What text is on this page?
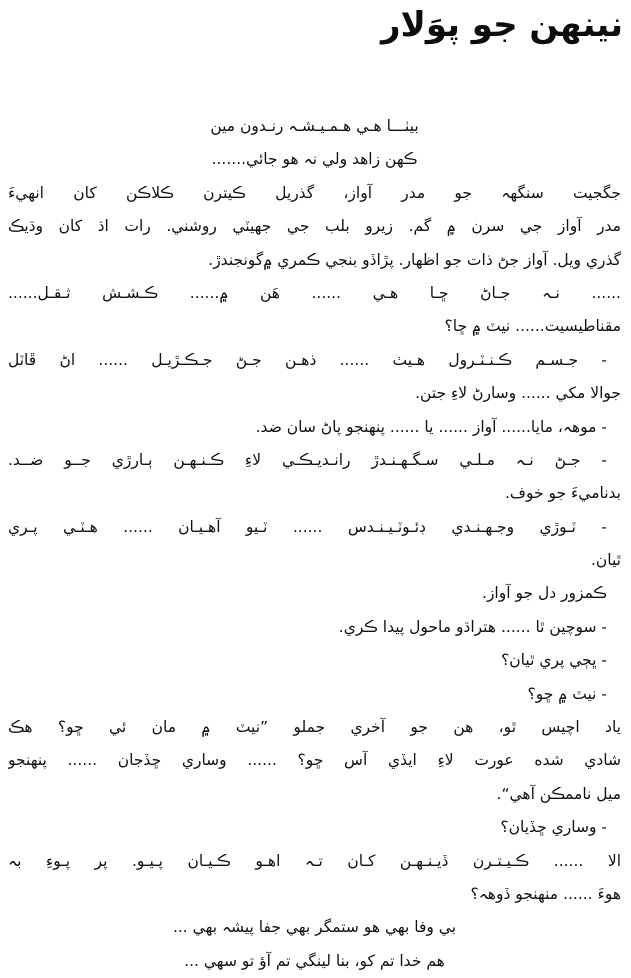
نينهن جو پوَلار

بيٺـــا هـي هـمـيـشـہ رنـدون مين

ڪهن زاهد ولي نہ هو جائي.......

جگجيت سنگهہ جو مدر آواز، گذريل ڪيترن ڪلاڪن کان انهيءَ

مدر آواز جي سرن ۾ گم. زيرو بلب جي جهيٽي روشني. رات اڌ کان وڌيڪ

گذري ويل. آواز جڻ ذات جو اظهار. پڙاڏو بنجي ڪمري ۾گونجندڙ.

...... نـہ جـاڻ ڇـا هـي ...... هَن ۾...... ڪـشـش ثـقـل......

مقناطيسيت...... نيٽ ۾ ڇا؟

- جـسـم ڪـنـٽـرول هـيٺ ...... ذهـن جـڻ جـڪـڙيـل ...... اڻ ڦاٽل

جوالا مکي ...... وسارڻ لاءِ جتن.

- موهہ، مايا...... آواز ...... يا ...... پنهنجو پاڻ سان ضد.

- جـڻ نـہ مـلـي سـگـهـنـدڙ رانـديـڪـي لاءِ ڪـنـهـن ٻـارڙي جــو ضــد.

بدناميءَ جو خوف.

- ٽـوڙي وجـهـنـدي ڊئـوٽـيـنـدس ...... ٽـيو آهـيـان ...... هـٽـي پـري

ٿيان.

ڪمزور دل جو آواز.

- سوچين ٿا ...... هتراڌو ماحول پيدا ڪري.

- ڀڄي پري ٿيان؟

- نيٽ ۾ ڇو؟

ياد اچيس ٿو، هن جو آخري جملو ”نيٽ ۾ مان ئي ڇو؟ هڪ

شادي شده عورت لاءِ ايڏي آس ڇو؟ ...... وساري ڇڏجان ...... پنهنجو

ميل ناممڪن آهي“.

- وساري ڇڏيان؟

الا ...... ڪـيـتـرن ڏيـنـهـن کـان تـہ اهـو ڪـيـان پـيـو. پر پـوءِ بہ

هوءَ ...... منهنجو ڏوهہ؟

بي وفا بهي هو ستمگر بهي جفا پيشہ بهي ...

هم خدا تم کو، بنا لينگي تم آؤ تو سهي ...
